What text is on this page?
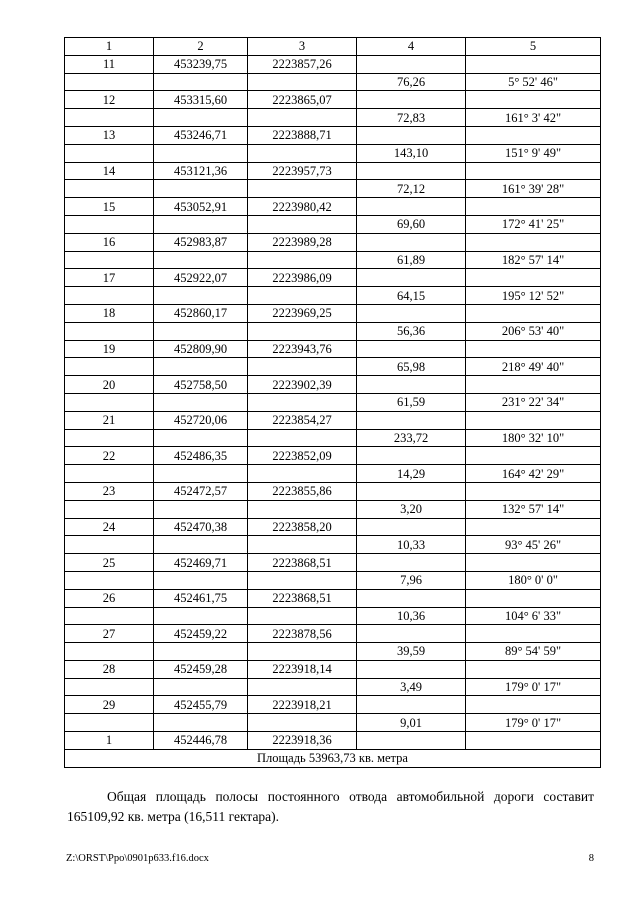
1	2	3	4	5
11	453239,75	2223857,26		
			76,26	5° 52' 46"
12	453315,60	2223865,07		
			72,83	161° 3' 42"
13	453246,71	2223888,71		
			143,10	151° 9' 49"
14	453121,36	2223957,73		
			72,12	161° 39' 28"
15	453052,91	2223980,42		
			69,60	172° 41' 25"
16	452983,87	2223989,28		
			61,89	182° 57' 14"
17	452922,07	2223986,09		
			64,15	195° 12' 52"
18	452860,17	2223969,25		
			56,36	206° 53' 40"
19	452809,90	2223943,76		
			65,98	218° 49' 40"
20	452758,50	2223902,39		
			61,59	231° 22' 34"
21	452720,06	2223854,27		
			233,72	180° 32' 10"
22	452486,35	2223852,09		
			14,29	164° 42' 29"
23	452472,57	2223855,86		
			3,20	132° 57' 14"
24	452470,38	2223858,20		
			10,33	93° 45' 26"
25	452469,71	2223868,51		
			7,96	180° 0' 0"
26	452461,75	2223868,51		
			10,36	104° 6' 33"
27	452459,22	2223878,56		
			39,59	89° 54' 59"
28	452459,28	2223918,14		
			3,49	179° 0' 17"
29	452455,79	2223918,21		
			9,01	179° 0' 17"
1	452446,78	2223918,36		
Площадь 53963,73 кв. метра				

Общая площадь полосы постоянного отвода автомобильной дороги составит 165109,92 кв. метра (16,511 гектара).

Z:\ORST\Ppo\0901p633.f16.docx	8
